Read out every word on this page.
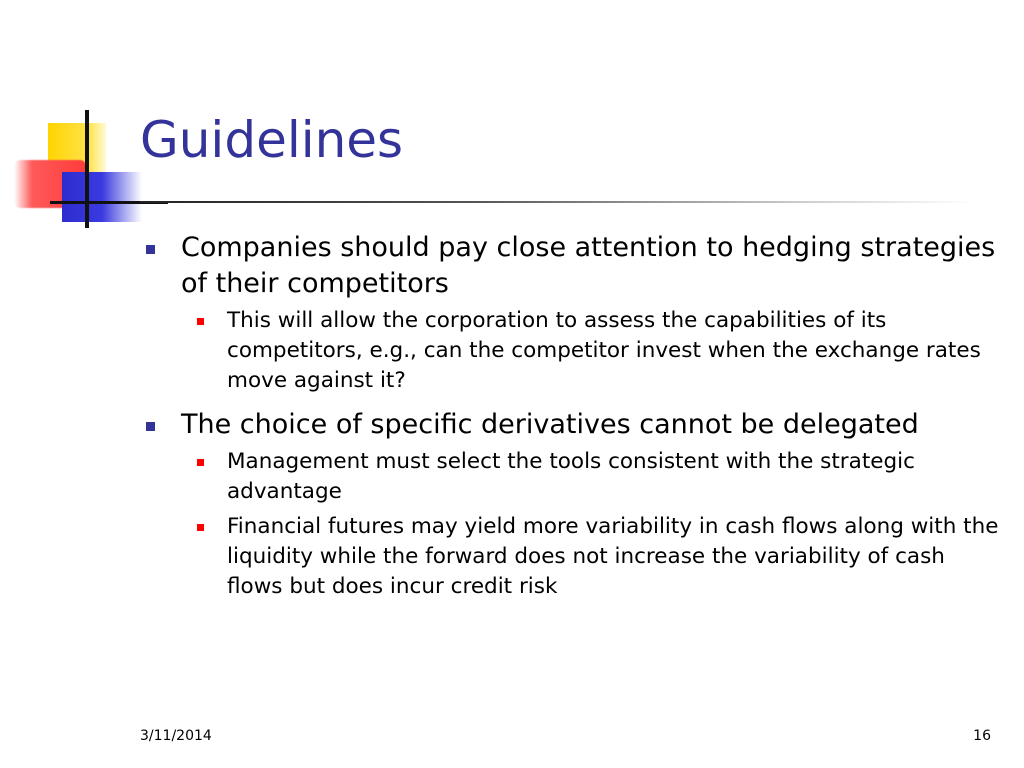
Guidelines
Companies should pay close attention to hedging strategies of their competitors
This will allow the corporation to assess the capabilities of its competitors, e.g., can the competitor invest when the exchange rates move against it?
The choice of specific derivatives cannot be delegated
Management must select the tools consistent with the strategic advantage
Financial futures may yield more variability in cash flows along with the liquidity while the forward does not increase the variability of cash flows but does incur credit risk
3/11/2014	16
